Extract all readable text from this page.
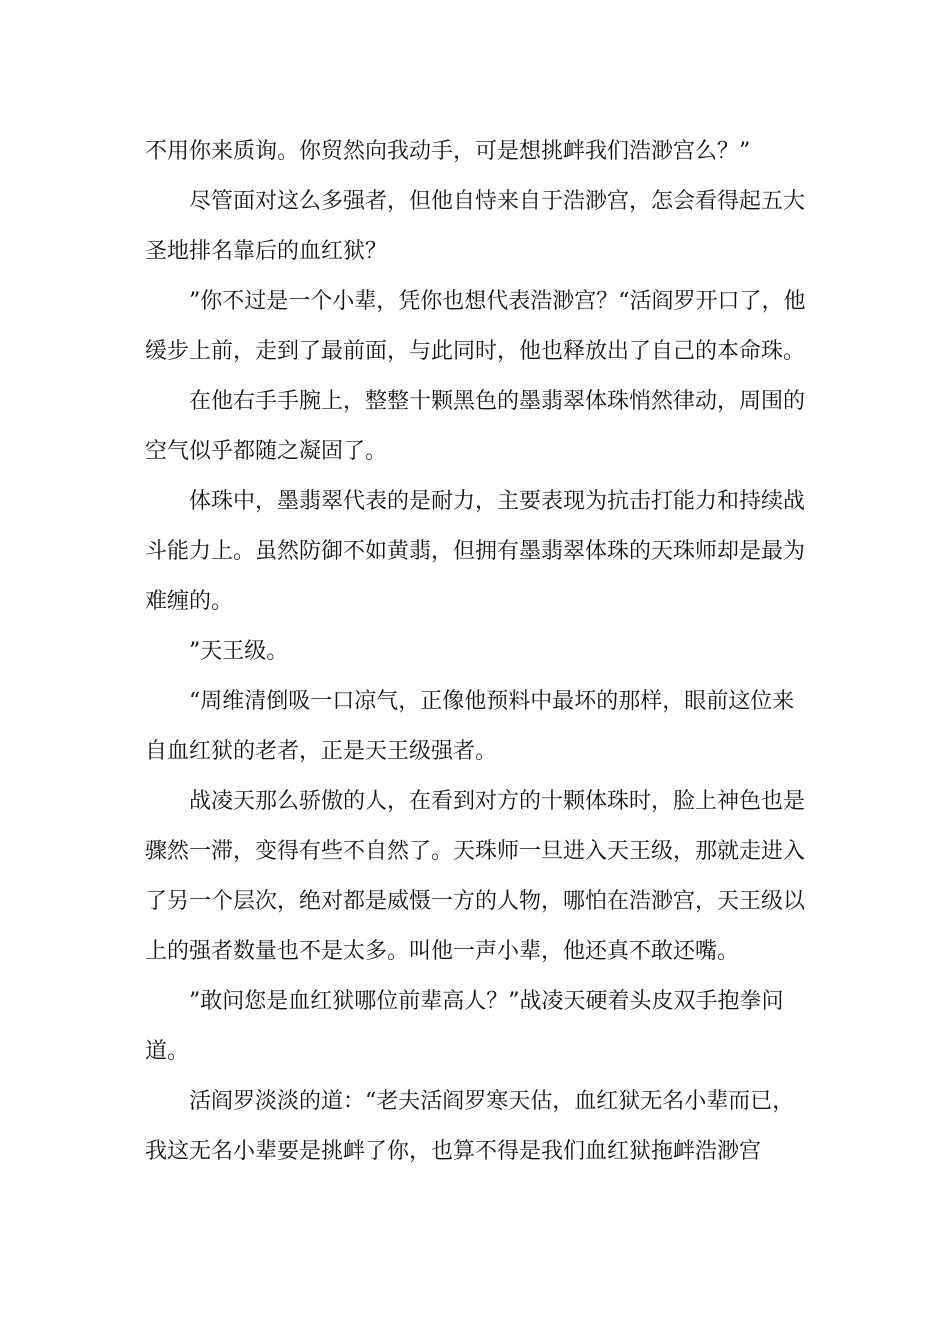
不用你来质询。你贸然向我动手，可是想挑衅我们浩渺宫么？”

尽管面对这么多强者，但他自恃来自于浩渺宫，怎会看得起五大圣地排名靠后的血红狱？

”你不过是一个小辈，凭你也想代表浩渺宫？“活阎罗开口了，他缓步上前，走到了最前面，与此同时，他也释放出了自己的本命珠。

在他右手手腕上，整整十颗黑色的墨翡翠体珠悄然律动，周围的空气似乎都随之凝固了。

体珠中，墨翡翠代表的是耐力，主要表现为抗击打能力和持续战斗能力上。虽然防御不如黄翡，但拥有墨翡翠体珠的天珠师却是最为难缠的。

”天王级。

“周维清倒吸一口凉气，正像他预料中最坏的那样，眼前这位来自血红狱的老者，正是天王级强者。

战凌天那么骄傲的人，在看到对方的十颗体珠时，脸上神色也是骤然一滞，变得有些不自然了。天珠师一旦进入天王级，那就走进入了另一个层次，绝对都是威慑一方的人物，哪怕在浩渺宫，天王级以上的强者数量也不是太多。叫他一声小辈，他还真不敢还嘴。

”敢问您是血红狱哪位前辈高人？”战凌天硬着头皮双手抱拳问道。

活阎罗淡淡的道：“老夫活阎罗寒天估，血红狱无名小辈而已，我这无名小辈要是挑衅了你，也算不得是我们血红狱拖衅浩渺宫
